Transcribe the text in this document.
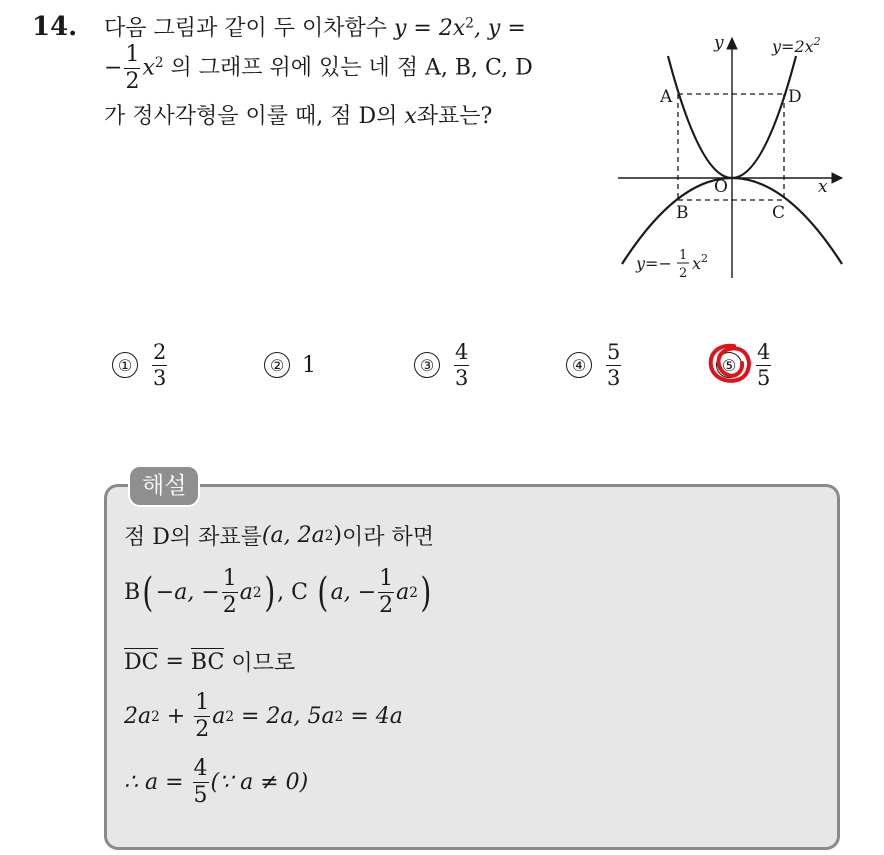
14. 다음 그림과 같이 두 이차함수 $y = 2x^2$, y =
− $\frac{1}{2} x^2$ 의 그래프 위에 있는 네 점 A, B, C, D
가 정사각형을 이룰 때, 점 D의 x좌표는?
x
y
O
A	D
B	C
$y=2x^2$
y=− 1
2
x 2
① $\frac{2}{3}$	② 1	③ $\frac{4}{3}$	④ $\frac{5}{3}$	⑤ $\frac{4}{5}$
해설
점 D의 좌표를 (a, 2a 2 ) 이라 하면
B ( −a, − $\frac{1}{2}$ a 2 ) , C ( a, − $\frac{1}{2}$ a 2 )
DC = BC 이므로
2a $2 + \frac{1}{2}$ a 2 = 2a, 5a 2 = 4a
∴ $a = \frac{4}{5}$ (∵ a ≠ 0)
